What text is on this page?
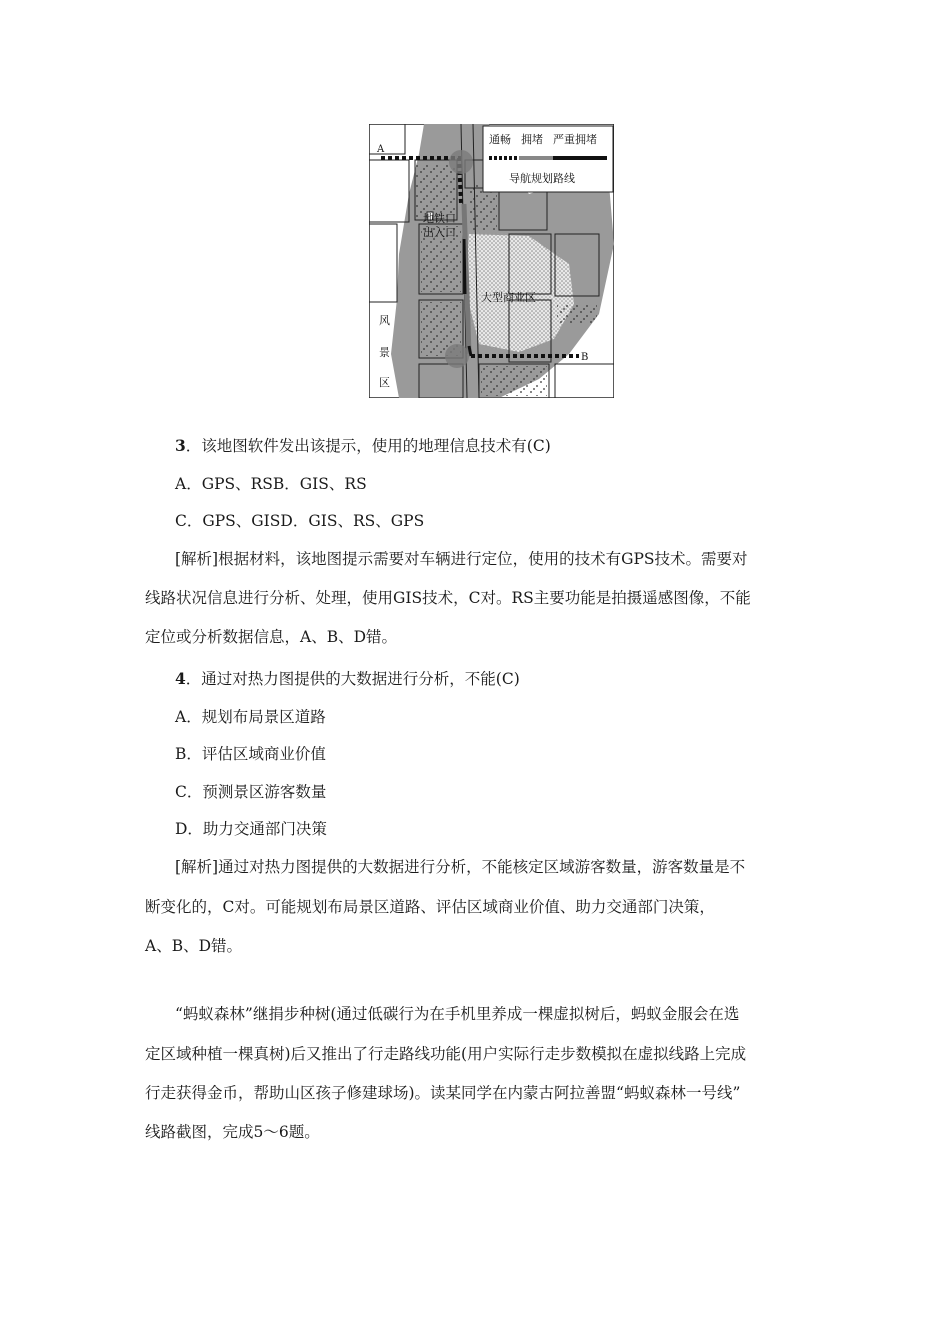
通畅 拥堵 严重拥堵
导航规划路线
A
B
地铁口
出入口
大型商业区
风
景
区
3．该地图软件发出该提示，使用的地理信息技术有(C)
A．GPS、RSB．GIS、RS
C．GPS、GISD．GIS、RS、GPS
[解析]根据材料，该地图提示需要对车辆进行定位，使用的技术有GPS技术。需要对
线路状况信息进行分析、处理，使用GIS技术，C对。RS主要功能是拍摄遥感图像，不能
定位或分析数据信息，A、B、D错。
4．通过对热力图提供的大数据进行分析，不能(C)
A．规划布局景区道路
B．评估区域商业价值
C．预测景区游客数量
D．助力交通部门决策
[解析]通过对热力图提供的大数据进行分析，不能核定区域游客数量，游客数量是不
断变化的，C对。可能规划布局景区道路、评估区域商业价值、助力交通部门决策，
A、B、D错。
“蚂蚁森林”继捐步种树(通过低碳行为在手机里养成一棵虚拟树后，蚂蚁金服会在选
定区域种植一棵真树)后又推出了行走路线功能(用户实际行走步数模拟在虚拟线路上完成
行走获得金币，帮助山区孩子修建球场)。读某同学在内蒙古阿拉善盟“蚂蚁森林一号线”
线路截图，完成5～6题。
